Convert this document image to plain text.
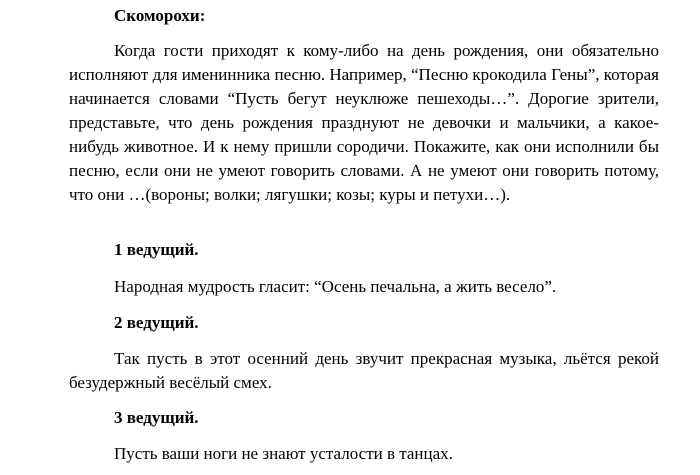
Скоморохи:

Когда гости приходят к кому-либо на день рождения, они обязательно исполняют для именинника песню. Например, “Песню крокодила Гены”, которая начинается словами “Пусть бегут неуклюже пешеходы…”. Дорогие зрители, представьте, что день рождения празднуют не девочки и мальчики, а какое-нибудь животное. И к нему пришли сородичи. Покажите, как они исполнили бы песню, если они не умеют говорить словами. А не умеют они говорить потому, что они …(вороны; волки; лягушки; козы; куры и петухи…).

1 ведущий.

Народная мудрость гласит: “Осень печальна, а жить весело”.

2 ведущий.

Так пусть в этот осенний день звучит прекрасная музыка, льётся рекой безудержный весёлый смех.

3 ведущий.

Пусть ваши ноги не знают усталости в танцах.
